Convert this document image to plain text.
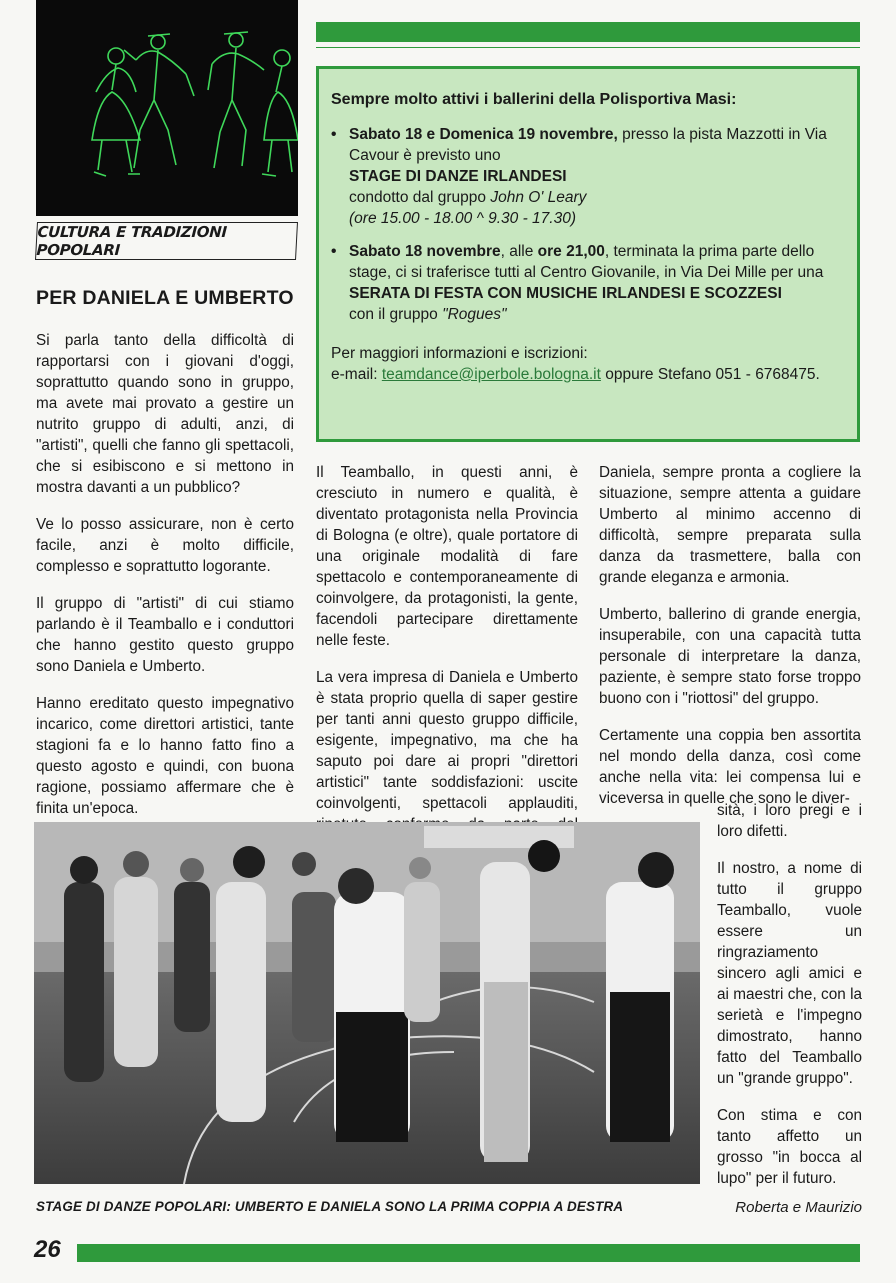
CULTURA E TRADIZIONI POPOLARI
Sempre molto attivi i ballerini della Polisportiva Masi:
• Sabato 18 e Domenica 19 novembre, presso la pista Mazzotti in Via Cavour è previsto uno
STAGE DI DANZE IRLANDESI
condotto dal gruppo John O' Leary
(ore 15.00 - 18.00 ^ 9.30 - 17.30)
• Sabato 18 novembre, alle ore 21,00, terminata la prima parte dello stage, ci si traferisce tutti al Centro Giovanile, in Via Dei Mille per una
SERATA DI FESTA CON MUSICHE IRLANDESI E SCOZZESI
con il gruppo "Rogues"
Per maggiori informazioni e iscrizioni:
e-mail: teamdance@iperbole.bologna.it oppure Stefano 051 - 6768475.
PER DANIELA E UMBERTO

Si parla tanto della difficoltà di rapportarsi con i giovani d'oggi, soprattutto quando sono in gruppo, ma avete mai provato a gestire un nutrito gruppo di adulti, anzi, di "artisti", quelli che fanno gli spettacoli, che si esibiscono e si mettono in mostra davanti a un pubblico?

Ve lo posso assicurare, non è certo facile, anzi è molto difficile, complesso e soprattutto logorante.

Il gruppo di "artisti" di cui stiamo parlando è il Teamballo e i conduttori che hanno gestito questo gruppo sono Daniela e Umberto.

Hanno ereditato questo impegnativo incarico, come direttori artistici, tante stagioni fa e lo hanno fatto fino a questo agosto e quindi, con buona ragione, possiamo affermare che è finita un'epoca.

Il Teamballo, in questi anni, è cresciuto in numero e qualità, è diventato protagonista nella Provincia di Bologna (e oltre), quale portatore di una originale modalità di fare spettacolo e contemporaneamente di coinvolgere, da protagonisti, la gente, facendoli partecipare direttamente nelle feste.

La vera impresa di Daniela e Umberto è stata proprio quella di saper gestire per tanti anni questo gruppo difficile, esigente, impegnativo, ma che ha saputo poi dare ai propri "direttori artistici" tante soddisfazioni: uscite coinvolgenti, spettacoli applauditi,

Daniela, sempre pronta a cogliere la situazione, sempre attenta a guidare Umberto al minimo accenno di difficoltà, sempre preparata sulla danza da trasmettere, balla con grande eleganza e armonia.

Umberto, ballerino di grande energia, insuperabile, con una capacità tutta personale di interpretare la danza, paziente, è sempre stato forse troppo buono con i "riottosi" del gruppo.

Certamente una coppia ben assortita nel mondo della danza, così come anche nella vita: lei compensa lui e viceversa in quelle che sono le diver-

sità, i loro pregi e i loro difetti.

Il nostro, a nome di tutto il gruppo Teamballo, vuole essere un ringraziamento sincero agli amici e ai maestri che, con la serietà e l'impegno dimostrato, hanno fatto del Teamballo un "grande gruppo".

Con stima e con tanto affetto un grosso "in bocca al lupo" per il futuro.

STAGE DI DANZE POPOLARI: UMBERTO E DANIELA SONO LA PRIMA COPPIA A DESTRA	Roberta e Maurizio
26
